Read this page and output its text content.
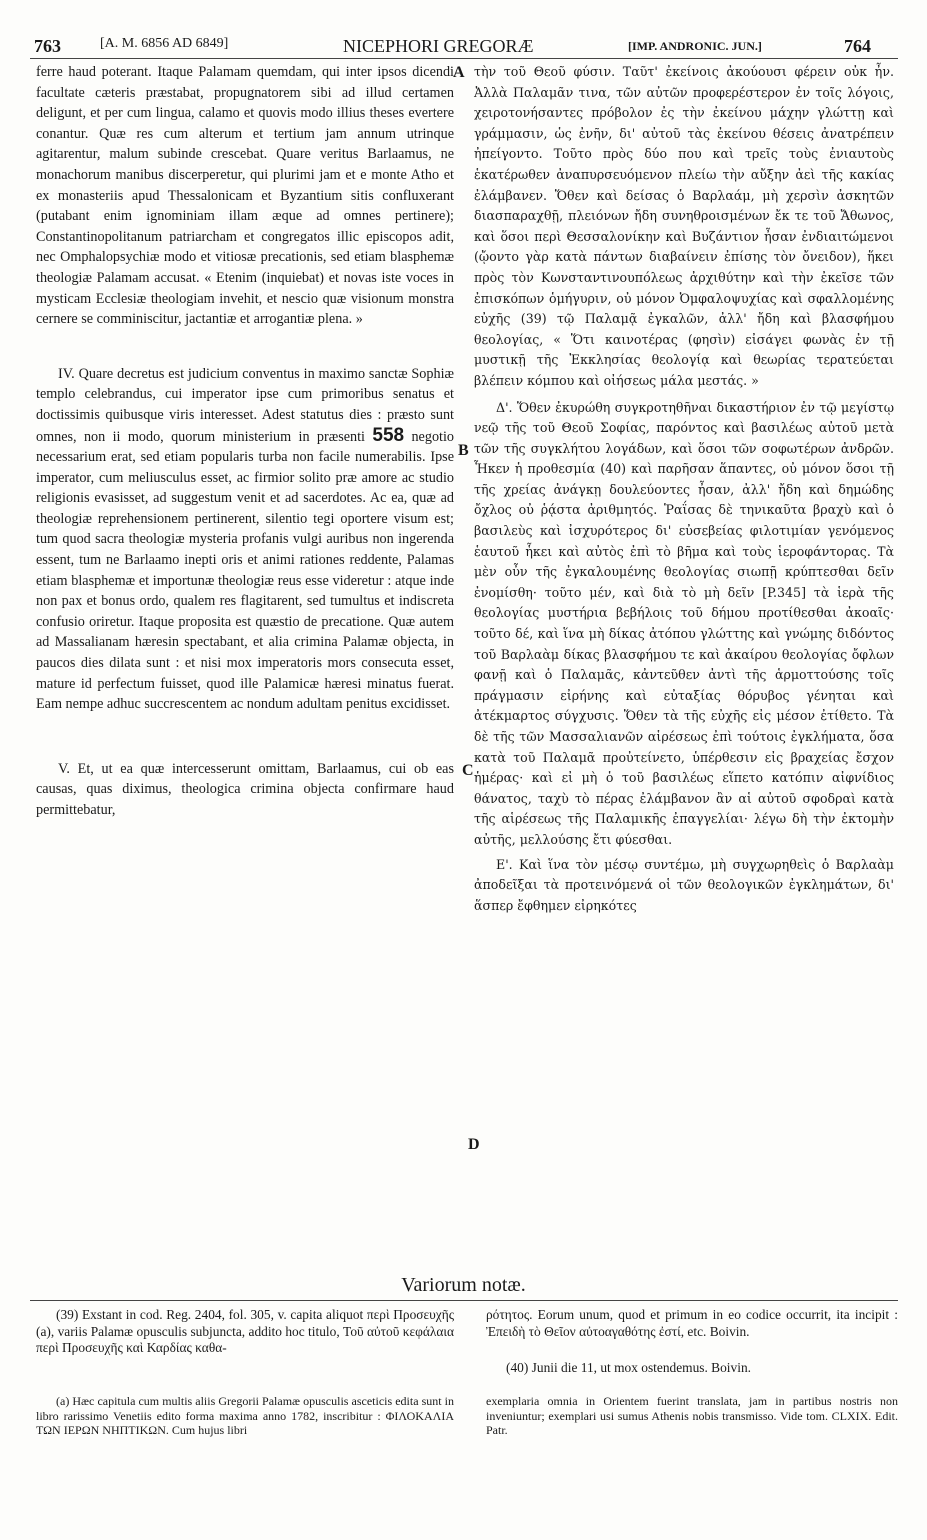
763	[A. M. 6856 AD 6849]	NICEPHORI GREGORÆ	[IMP. ANDRONIC. JUN.]	764
A
B
C
D

ferre haud poterant. Itaque Palamam quemdam, qui inter ipsos dicendi facultate cæteris præstabat, propugnatorem sibi ad illud certamen deligunt, et per cum lingua, calamo et quovis modo illius theses evertere conantur. Quæ res cum alterum et tertium jam annum utrinque agitarentur, malum subinde crescebat. Quare veritus Barlaamus, ne monachorum manibus discerperetur, qui plurimi jam et e monte Atho et ex monasteriis apud Thessalonicam et Byzantium sitis confluxerant (putabant enim ignominiam illam æque ad omnes pertinere); Constantinopolitanum patriarcham et congregatos illic episcopos adit, nec Omphalopsychiæ modo et vitiosæ precationis, sed etiam blasphemæ theologiæ Palamam accusat. « Etenim (inquiebat) et novas iste voces in mysticam Ecclesiæ theologiam invehit, et nescio quæ visionum monstra cernere se comminiscitur, jactantiæ et arrogantiæ plena. »

IV. Quare decretus est judicium conventus in maximo sanctæ Sophiæ templo celebrandus, cui imperator ipse cum primoribus senatus et doctissimis quibusque viris interesset. Adest statutus dies : præsto sunt omnes, non ii modo, quorum ministerium in præsenti 558 negotio necessarium erat, sed etiam popularis turba non facile numerabilis. Ipse imperator, cum meliusculus esset, ac firmior solito præ amore ac studio religionis evasisset, ad suggestum venit et ad sacerdotes. Ac ea, quæ ad theologiæ reprehensionem pertinerent, silentio tegi oportere visum est; tum quod sacra theologiæ mysteria profanis vulgi auribus non ingerenda essent, tum ne Barlaamo inepti oris et animi rationes reddente, Palamas etiam blasphemæ et importunæ theologiæ reus esse videretur : atque inde non pax et bonus ordo, qualem res flagitarent, sed tumultus et indiscreta confusio oriretur. Itaque proposita est quæstio de precatione. Quæ autem ad Massalianam hæresin spectabant, et alia crimina Palamæ objecta, in paucos dies dilata sunt : et nisi mox imperatoris mors consecuta esset, mature id perfectum fuisset, quod ille Palamicæ hæresi minatus fuerat. Eam nempe adhuc succrescentem ac nondum adultam penitus excidisset.

V. Et, ut ea quæ intercesserunt omittam, Barlaamus, cui ob eas causas, quas diximus, theologica crimina objecta confirmare haud permittebatur,

τὴν τοῦ Θεοῦ φύσιν. Ταῦτ' ἐκείνοις ἀκούουσι φέρειν οὐκ ἦν. Ἀλλὰ Παλαμᾶν τινα, τῶν αὐτῶν προφερέστερον ἐν τοῖς λόγοις, χειροτονήσαντες πρόβολον ἐς τὴν ἐκείνου μάχην γλώττῃ καὶ γράμμασιν, ὡς ἐνῆν, δι' αὐτοῦ τὰς ἐκείνου θέσεις ἀνατρέπειν ἠπείγοντο. Τοῦτο πρὸς δύο που καὶ τρεῖς τοὺς ἐνιαυτοὺς ἑκατέρωθεν ἀναπυρσευόμενον πλείω τὴν αὔξην ἀεὶ τῆς κακίας ἐλάμβανεν. Ὅθεν καὶ δείσας ὁ Βαρλαάμ, μὴ χερσὶν ἀσκητῶν διασπαραχθῇ, πλειόνων ἤδη συνηθροισμένων ἔκ τε τοῦ Ἄθωνος, καὶ ὅσοι περὶ Θεσσαλονίκην καὶ Βυζάντιον ἦσαν ἐνδιαιτώμενοι (ᾤοντο γὰρ κατὰ πάντων διαβαίνειν ἐπίσης τὸν ὄνειδον), ἥκει πρὸς τὸν Κωνσταντινουπόλεως ἀρχιθύτην καὶ τὴν ἐκεῖσε τῶν ἐπισκόπων ὁμήγυριν, οὐ μόνον Ὀμφαλοψυχίας καὶ σφαλλομένης εὐχῆς (39) τῷ Παλαμᾷ ἐγκαλῶν, ἀλλ' ἤδη καὶ βλασφήμου θεολογίας, « Ὅτι καινοτέρας (φησὶν) εἰσάγει φωνὰς ἐν τῇ μυστικῇ τῆς Ἐκκλησίας θεολογίᾳ καὶ θεωρίας τερατεύεται βλέπειν κόμπου καὶ οἰήσεως μάλα μεστάς. »

Δ'. Ὅθεν ἐκυρώθη συγκροτηθῆναι δικαστήριον ἐν τῷ μεγίστῳ νεῷ τῆς τοῦ Θεοῦ Σοφίας, παρόντος καὶ βασιλέως αὐτοῦ μετὰ τῶν τῆς συγκλήτου λογάδων, καὶ ὅσοι τῶν σοφωτέρων ἀνδρῶν. Ἧκεν ἡ προθεσμία (40) καὶ παρῆσαν ἅπαντες, οὐ μόνον ὅσοι τῇ τῆς χρείας ἀνάγκῃ δουλεύοντες ἦσαν, ἀλλ' ἤδη καὶ δημώδης ὄχλος οὐ ῥᾴστα ἀριθμητός. Ῥαΐσας δὲ τηνικαῦτα βραχὺ καὶ ὁ βασιλεὺς καὶ ἰσχυρότερος δι' εὐσεβείας φιλοτιμίαν γενόμενος ἑαυτοῦ ἧκει καὶ αὐτὸς ἐπὶ τὸ βῆμα καὶ τοὺς ἱεροφάντορας. Τὰ μὲν οὖν τῆς ἐγκαλουμένης θεολογίας σιωπῇ κρύπτεσθαι δεῖν ἐνομίσθη· τοῦτο μέν, καὶ διὰ τὸ μὴ δεῖν [P.345] τὰ ἱερὰ τῆς θεολογίας μυστήρια βεβήλοις τοῦ δήμου προτίθεσθαι ἀκοαῖς· τοῦτο δέ, καὶ ἵνα μὴ δίκας ἀτόπου γλώττης καὶ γνώμης διδόντος τοῦ Βαρλαὰμ δίκας βλασφήμου τε καὶ ἀκαίρου θεολογίας ὄφλων φανῇ καὶ ὁ Παλαμᾶς, κἀντεῦθεν ἀντὶ τῆς ἁρμοττούσης τοῖς πράγμασιν εἰρήνης καὶ εὐταξίας θόρυβος γένηται καὶ ἀτέκμαρτος σύγχυσις. Ὅθεν τὰ τῆς εὐχῆς εἰς μέσον ἐτίθετο. Τὰ δὲ τῆς τῶν Μασσαλιανῶν αἱρέσεως ἐπὶ τούτοις ἐγκλήματα, ὅσα κατὰ τοῦ Παλαμᾶ προὐτείνετο, ὑπέρθεσιν εἰς βραχείας ἔσχον ἡμέρας· καὶ εἰ μὴ ὁ τοῦ βασιλέως εἵπετο κατόπιν αἰφνίδιος θάνατος, ταχὺ τὸ πέρας ἐλάμβανον ἂν αἱ αὐτοῦ σφοδραὶ κατὰ τῆς αἱρέσεως τῆς Παλαμικῆς ἐπαγγελίαι· λέγω δὴ τὴν ἐκτομὴν αὐτῆς, μελλούσης ἔτι φύεσθαι.

Ε'. Καὶ ἵνα τὸν μέσῳ συντέμω, μὴ συγχωρηθεὶς ὁ Βαρλαὰμ ἀποδεῖξαι τὰ προτεινόμενά οἱ τῶν θεολογικῶν ἐγκλημάτων, δι' ἅσπερ ἔφθημεν εἰρηκότες

Variorum notæ.
(39) Exstant in cod. Reg. 2404, fol. 305, v. capita aliquot περὶ Προσευχῆς (a), variis Palamæ opusculis subjuncta, addito hoc titulo, Τοῦ αὐτοῦ κεφάλαια περὶ Προσευχῆς καὶ Καρδίας καθα-
ρότητος. Eorum unum, quod et primum in eo codice occurrit, ita incipit : Ἐπειδὴ τὸ Θεῖον αὐτοαγαθότης ἐστί, etc. Boivin.
(40) Junii die 11, ut mox ostendemus. Boivin.
(a) Hæc capitula cum multis aliis Gregorii Palamæ opusculis asceticis edita sunt in libro rarissimo Venetiis edito forma maxima anno 1782, inscribitur : ΦΙΛΟΚΑΛΙΑ ΤΩΝ ΙΕΡΩΝ ΝΗΠΤΙΚΩΝ. Cum hujus libri
exemplaria omnia in Orientem fuerint translata, jam in partibus nostris non inveniuntur; exemplari usi sumus Athenis nobis transmisso. Vide tom. CLXIX. Edit. Patr.
